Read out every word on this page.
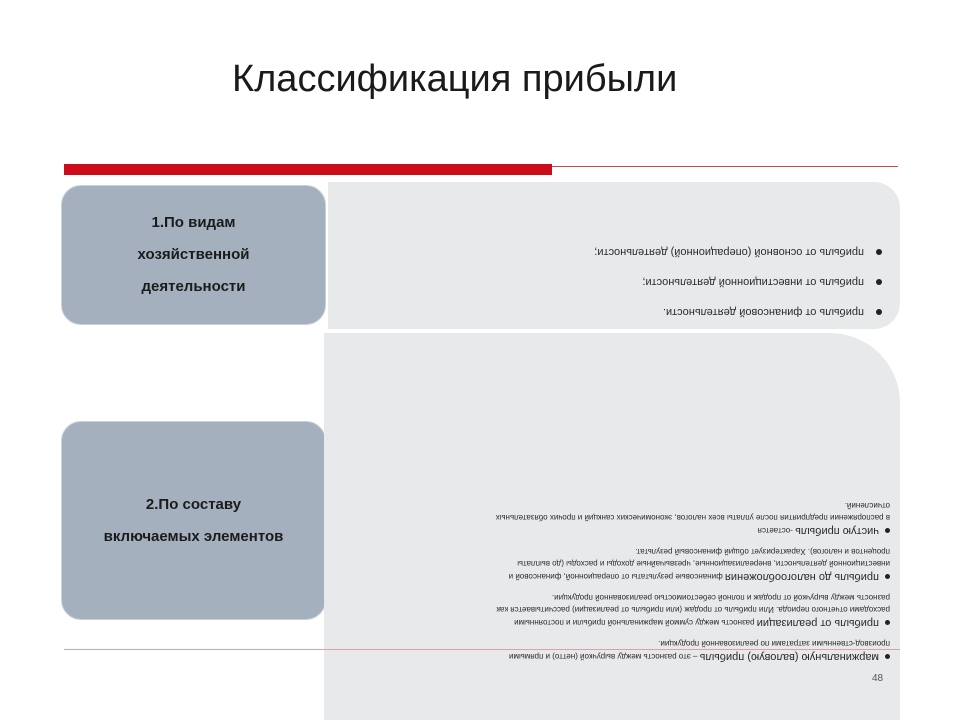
Классификация прибыли
1.По видам
хозяйственной
деятельности
прибыль от финансовой деятельности.
прибыль от инвестиционной деятельности;
прибыль от основной (операционной) деятельности;
2.По составу
включаемых элементов

маржинальную (валовую) прибыль – это разность между выручкой (нетто) и прямыми

производ-ственными затратами по реализованной продукции.

прибыль от реализации разность между суммой маржинальной прибыли и постоянными

расходами отчетного периода. Или прибыль от продаж (или прибыль от реализации) рассчитывается как

разность между выручкой от продаж и полной себестоимостью реализованной продукции.

прибыль до налогообложения финансовые результаты от операционной, финансовой и

инвестиционной деятельности, внереализационные, чрезвычайные доходы и расходы (до выплаты

процентов и налогов). Характеризует общий финансовый результат.

чистую прибыль -остается

в распоряжении предприятия после уплаты всех налогов, экономических санкций и прочих обязательных

отчислений.

48
